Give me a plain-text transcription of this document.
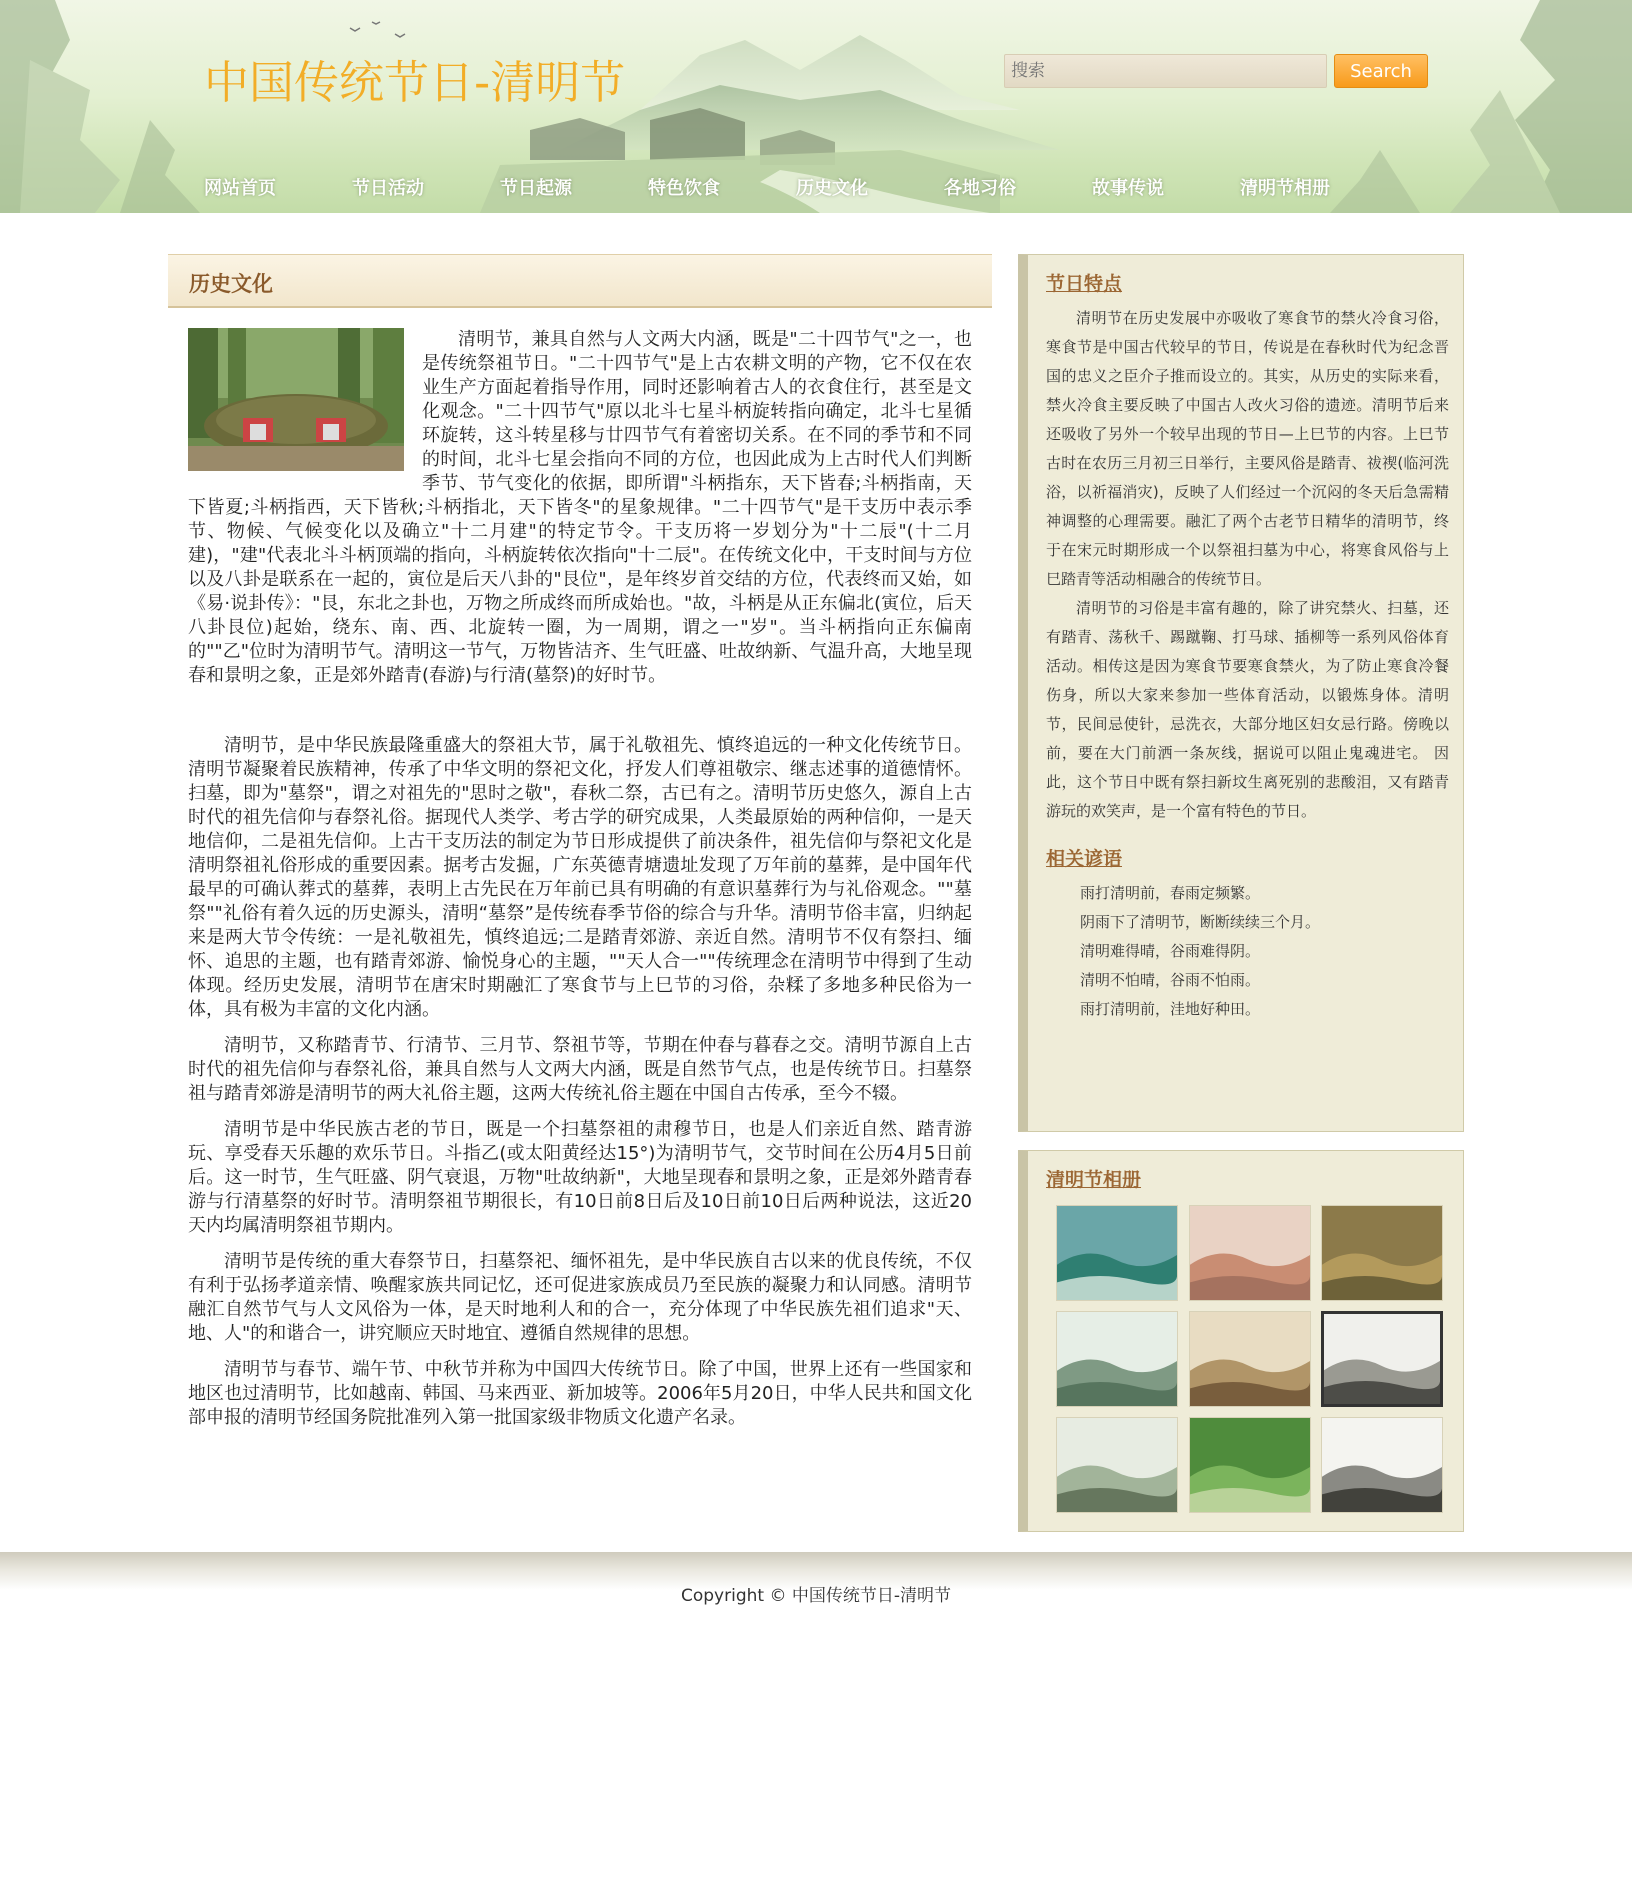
中国传统节日-清明节
搜索	Search
网站首页	节日活动	节日起源	特色饮食	历史文化	各地习俗	故事传说	清明节相册
历史文化

清明节，兼具自然与人文两大内涵，既是"二十四节气"之一，也是传统祭祖节日。"二十四节气"是上古农耕文明的产物，它不仅在农业生产方面起着指导作用，同时还影响着古人的衣食住行，甚至是文化观念。"二十四节气"原以北斗七星斗柄旋转指向确定，北斗七星循环旋转，这斗转星移与廿四节气有着密切关系。在不同的季节和不同的时间，北斗七星会指向不同的方位，也因此成为上古时代人们判断季节、节气变化的依据，即所谓"斗柄指东，天下皆春;斗柄指南，天下皆夏;斗柄指西，天下皆秋;斗柄指北，天下皆冬"的星象规律。"二十四节气"是干支历中表示季节、物候、气候变化以及确立"十二月建"的特定节令。干支历将一岁划分为"十二辰"(十二月建)，"建"代表北斗斗柄顶端的指向，斗柄旋转依次指向"十二辰"。在传统文化中，干支时间与方位以及八卦是联系在一起的，寅位是后天八卦的"艮位"，是年终岁首交结的方位，代表终而又始，如《易·说卦传》："艮，东北之卦也，万物之所成终而所成始也。"故，斗柄是从正东偏北(寅位，后天八卦艮位)起始，绕东、南、西、北旋转一圈，为一周期，谓之一"岁"。当斗柄指向正东偏南的""乙"位时为清明节气。清明这一节气，万物皆洁齐、生气旺盛、吐故纳新、气温升高，大地呈现春和景明之象，正是郊外踏青(春游)与行清(墓祭)的好时节。

清明节，是中华民族最隆重盛大的祭祖大节，属于礼敬祖先、慎终追远的一种文化传统节日。清明节凝聚着民族精神，传承了中华文明的祭祀文化，抒发人们尊祖敬宗、继志述事的道德情怀。扫墓，即为"墓祭"，谓之对祖先的"思时之敬"，春秋二祭，古已有之。清明节历史悠久，源自上古时代的祖先信仰与春祭礼俗。据现代人类学、考古学的研究成果，人类最原始的两种信仰，一是天地信仰，二是祖先信仰。上古干支历法的制定为节日形成提供了前决条件，祖先信仰与祭祀文化是清明祭祖礼俗形成的重要因素。据考古发掘，广东英德青塘遗址发现了万年前的墓葬，是中国年代最早的可确认葬式的墓葬，表明上古先民在万年前已具有明确的有意识墓葬行为与礼俗观念。""墓祭""礼俗有着久远的历史源头，清明“墓祭”是传统春季节俗的综合与升华。清明节俗丰富，归纳起来是两大节令传统：一是礼敬祖先，慎终追远;二是踏青郊游、亲近自然。清明节不仅有祭扫、缅怀、追思的主题，也有踏青郊游、愉悦身心的主题，""天人合一""传统理念在清明节中得到了生动体现。经历史发展，清明节在唐宋时期融汇了寒食节与上巳节的习俗，杂糅了多地多种民俗为一体，具有极为丰富的文化内涵。

清明节，又称踏青节、行清节、三月节、祭祖节等，节期在仲春与暮春之交。清明节源自上古时代的祖先信仰与春祭礼俗，兼具自然与人文两大内涵，既是自然节气点，也是传统节日。扫墓祭祖与踏青郊游是清明节的两大礼俗主题，这两大传统礼俗主题在中国自古传承，至今不辍。

清明节是中华民族古老的节日，既是一个扫墓祭祖的肃穆节日，也是人们亲近自然、踏青游玩、享受春天乐趣的欢乐节日。斗指乙(或太阳黄经达15°)为清明节气，交节时间在公历4月5日前后。这一时节，生气旺盛、阴气衰退，万物"吐故纳新"，大地呈现春和景明之象，正是郊外踏青春游与行清墓祭的好时节。清明祭祖节期很长，有10日前8日后及10日前10日后两种说法，这近20天内均属清明祭祖节期内。

清明节是传统的重大春祭节日，扫墓祭祀、缅怀祖先，是中华民族自古以来的优良传统，不仅有利于弘扬孝道亲情、唤醒家族共同记忆，还可促进家族成员乃至民族的凝聚力和认同感。清明节融汇自然节气与人文风俗为一体，是天时地利人和的合一，充分体现了中华民族先祖们追求"天、地、人"的和谐合一，讲究顺应天时地宜、遵循自然规律的思想。

清明节与春节、端午节、中秋节并称为中国四大传统节日。除了中国，世界上还有一些国家和地区也过清明节，比如越南、韩国、马来西亚、新加坡等。2006年5月20日，中华人民共和国文化部申报的清明节经国务院批准列入第一批国家级非物质文化遗产名录。

节日特点

清明节在历史发展中亦吸收了寒食节的禁火冷食习俗，寒食节是中国古代较早的节日，传说是在春秋时代为纪念晋国的忠义之臣介子推而设立的。其实，从历史的实际来看，禁火冷食主要反映了中国古人改火习俗的遗迹。清明节后来还吸收了另外一个较早出现的节日—上巳节的内容。上巳节古时在农历三月初三日举行，主要风俗是踏青、祓禊(临河洗浴，以祈福消灾)，反映了人们经过一个沉闷的冬天后急需精神调整的心理需要。融汇了两个古老节日精华的清明节，终于在宋元时期形成一个以祭祖扫墓为中心，将寒食风俗与上巳踏青等活动相融合的传统节日。

清明节的习俗是丰富有趣的，除了讲究禁火、扫墓，还有踏青、荡秋千、踢蹴鞠、打马球、插柳等一系列风俗体育活动。相传这是因为寒食节要寒食禁火，为了防止寒食冷餐伤身，所以大家来参加一些体育活动，以锻炼身体。清明节，民间忌使针，忌洗衣，大部分地区妇女忌行路。傍晚以前，要在大门前洒一条灰线，据说可以阻止鬼魂进宅。 因此，这个节日中既有祭扫新坟生离死别的悲酸泪，又有踏青游玩的欢笑声，是一个富有特色的节日。

相关谚语
雨打清明前，春雨定频繁。
阴雨下了清明节，断断续续三个月。
清明难得晴，谷雨难得阴。
清明不怕晴，谷雨不怕雨。
雨打清明前，洼地好种田。
清明节相册
Copyright © 中国传统节日-清明节
